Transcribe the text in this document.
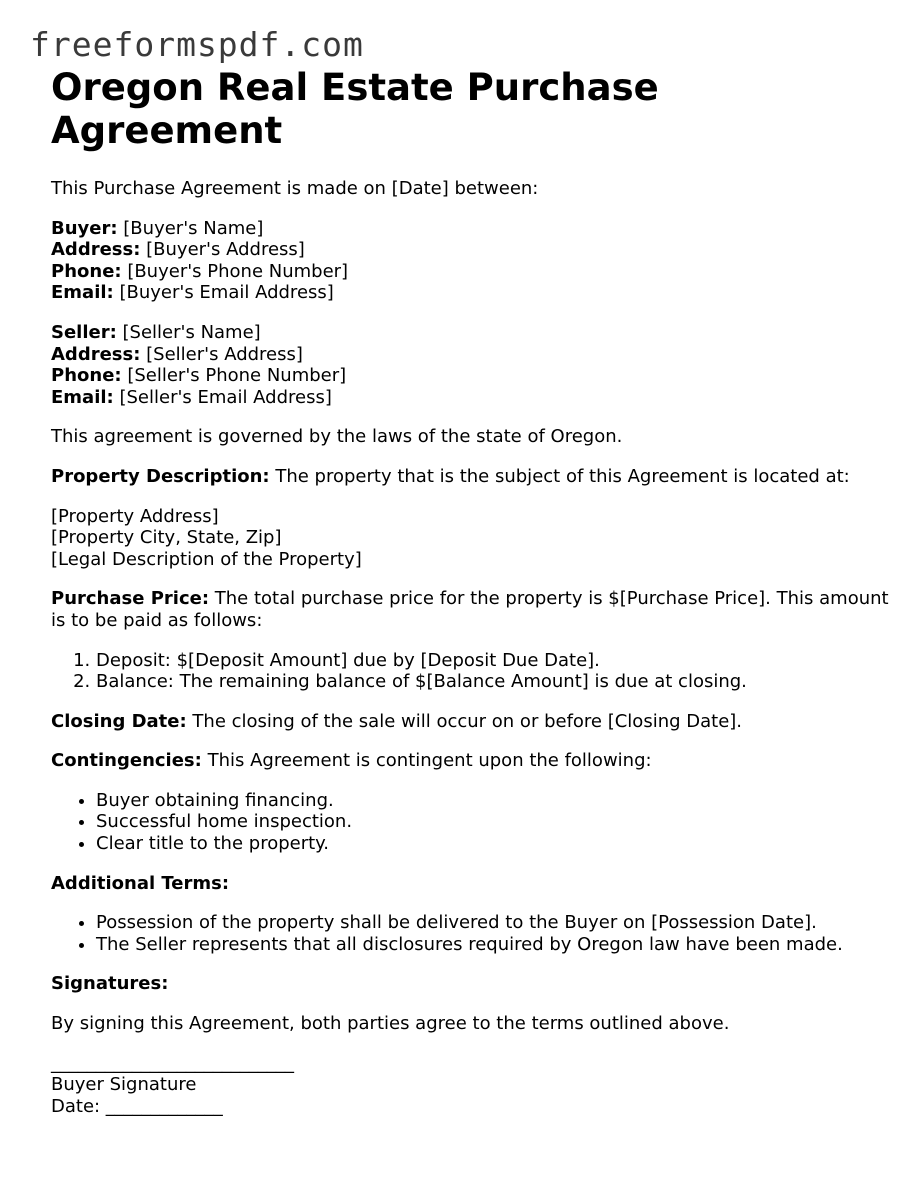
freeformspdf.com
Oregon Real Estate Purchase Agreement

This Purchase Agreement is made on [Date] between:

Buyer: [Buyer's Name]
Address: [Buyer's Address]
Phone: [Buyer's Phone Number]
Email: [Buyer's Email Address]
Seller: [Seller's Name]
Address: [Seller's Address]
Phone: [Seller's Phone Number]
Email: [Seller's Email Address]

This agreement is governed by the laws of the state of Oregon.

Property Description: The property that is the subject of this Agreement is located at:

[Property Address]
[Property City, State, Zip]
[Legal Description of the Property]

Purchase Price: The total purchase price for the property is $[Purchase Price]. This amount is to be paid as follows:

1. Deposit: $[Deposit Amount] due by [Deposit Due Date].
2. Balance: The remaining balance of $[Balance Amount] is due at closing.

Closing Date: The closing of the sale will occur on or before [Closing Date].

Contingencies: This Agreement is contingent upon the following:

• Buyer obtaining financing.
• Successful home inspection.
• Clear title to the property.

Additional Terms:

• Possession of the property shall be delivered to the Buyer on [Possession Date].
• The Seller represents that all disclosures required by Oregon law have been made.

Signatures:

By signing this Agreement, both parties agree to the terms outlined above.

___________________________
Buyer Signature
Date: _____________
